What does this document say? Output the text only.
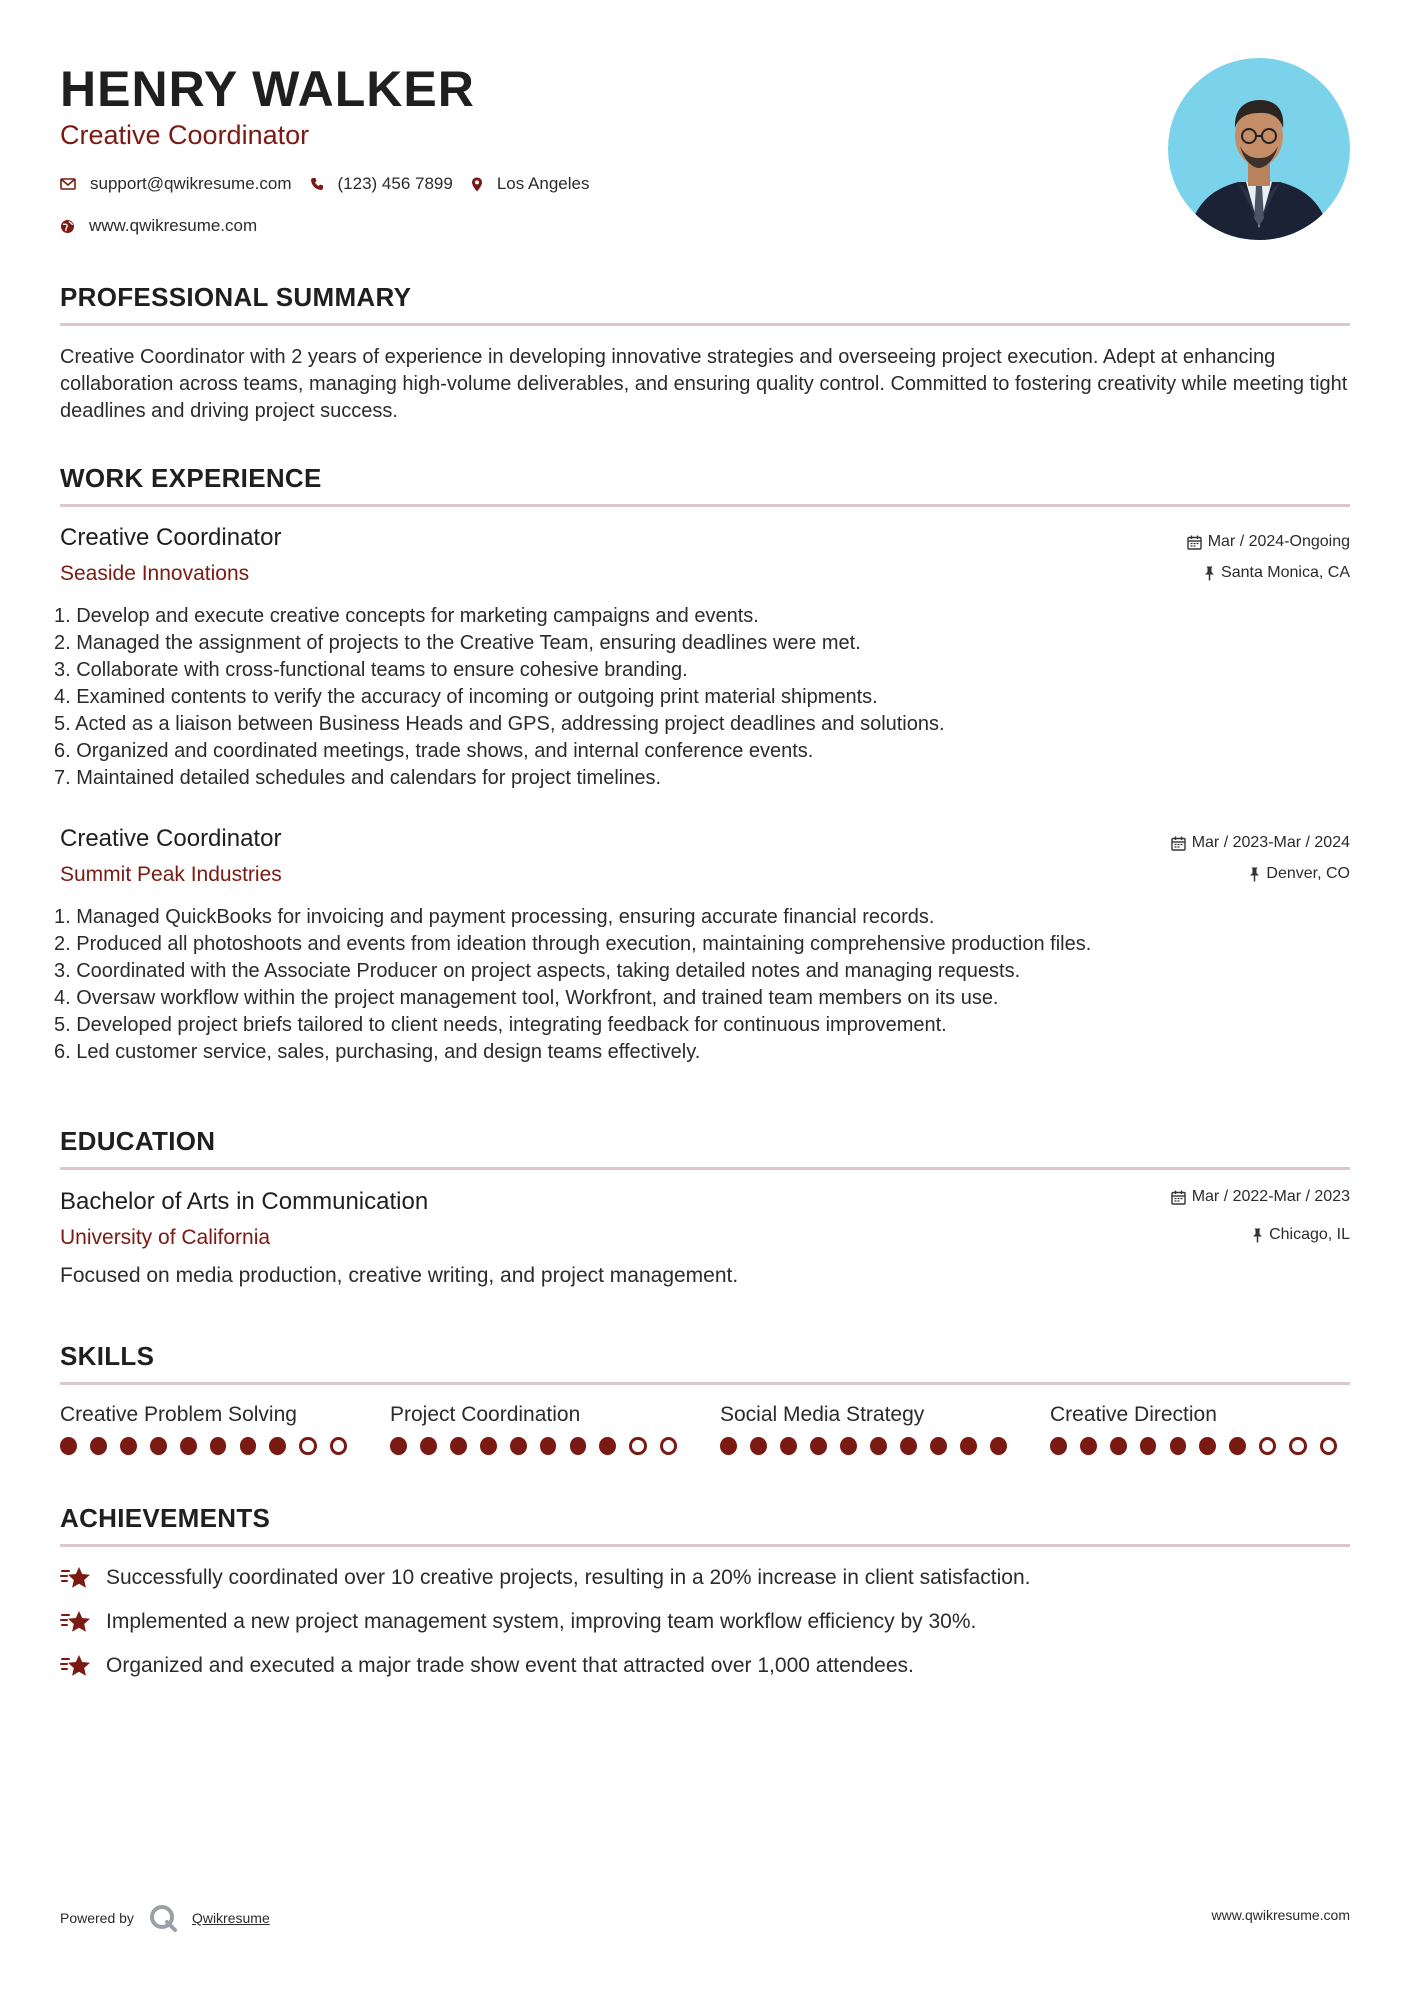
HENRY WALKER
Creative Coordinator
support@qwikresume.com	(123) 456 7899	Los Angeles
www.qwikresume.com
PROFESSIONAL SUMMARY
Creative Coordinator with 2 years of experience in developing innovative strategies and overseeing project execution. Adept at enhancing collaboration across teams, managing high-volume deliverables, and ensuring quality control. Committed to fostering creativity while meeting tight deadlines and driving project success.
WORK EXPERIENCE
Creative Coordinator
Seaside Innovations
Mar / 2024-Ongoing
Santa Monica, CA
1. Develop and execute creative concepts for marketing campaigns and events.
2. Managed the assignment of projects to the Creative Team, ensuring deadlines were met.
3. Collaborate with cross-functional teams to ensure cohesive branding.
4. Examined contents to verify the accuracy of incoming or outgoing print material shipments.
5. Acted as a liaison between Business Heads and GPS, addressing project deadlines and solutions.
6. Organized and coordinated meetings, trade shows, and internal conference events.
7. Maintained detailed schedules and calendars for project timelines.
Creative Coordinator
Summit Peak Industries
Mar / 2023-Mar / 2024
Denver, CO
1. Managed QuickBooks for invoicing and payment processing, ensuring accurate financial records.
2. Produced all photoshoots and events from ideation through execution, maintaining comprehensive production files.
3. Coordinated with the Associate Producer on project aspects, taking detailed notes and managing requests.
4. Oversaw workflow within the project management tool, Workfront, and trained team members on its use.
5. Developed project briefs tailored to client needs, integrating feedback for continuous improvement.
6. Led customer service, sales, purchasing, and design teams effectively.
EDUCATION
Bachelor of Arts in Communication
University of California
Mar / 2022-Mar / 2023
Chicago, IL
Focused on media production, creative writing, and project management.
SKILLS
Creative Problem Solving	Project Coordination	Social Media Strategy	Creative Direction
ACHIEVEMENTS
Successfully coordinated over 10 creative projects, resulting in a 20% increase in client satisfaction.
Implemented a new project management system, improving team workflow efficiency by 30%.
Organized and executed a major trade show event that attracted over 1,000 attendees.
Powered by	Qwikresume	www.qwikresume.com
